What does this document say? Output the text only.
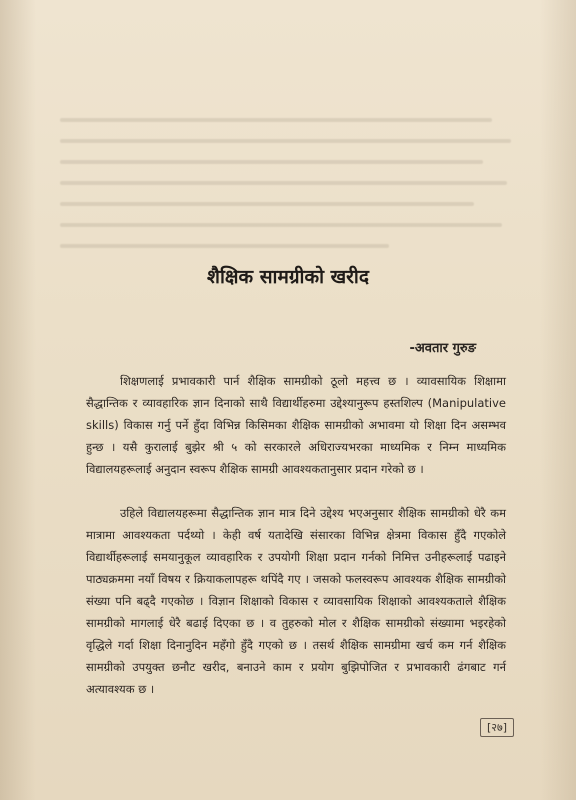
शैक्षिक सामग्रीको खरीद
-अवतार गुरुङ

शिक्षणलाई प्रभावकारी पार्न शैक्षिक सामग्रीको ठूलो महत्त्व छ । व्यावसायिक शिक्षामा सैद्धान्तिक र व्यावहारिक ज्ञान दिनाको साथै विद्यार्थीहरुमा उद्देश्यानुरूप हस्तशिल्प (Manipulative skills) विकास गर्नु पर्ने हुँदा विभिन्न किसिमका शैक्षिक सामग्रीको अभावमा यो शिक्षा दिन असम्भव हुन्छ । यसै कुरालाई बुझेर श्री ५ को सरकारले अधिराज्यभरका माध्यमिक र निम्न माध्यमिक विद्यालयहरूलाई अनुदान स्वरूप शैक्षिक सामग्री आवश्यकतानुसार प्रदान गरेको छ ।

उहिले विद्यालयहरूमा सैद्धान्तिक ज्ञान मात्र दिने उद्देश्य भएअनुसार शैक्षिक सामग्रीको धेरै कम मात्रामा आवश्यकता पर्दथ्यो । केही वर्ष यतादेखि संसारका विभिन्न क्षेत्रमा विकास हुँदै गएकोले विद्यार्थीहरूलाई समयानुकूल व्यावहारिक र उपयोगी शिक्षा प्रदान गर्नको निमित्त उनीहरूलाई पढाइने पाठ्यक्रममा नयाँ विषय र क्रियाकलापहरू थपिंदै गए । जसको फलस्वरूप आवश्यक शैक्षिक सामग्रीको संख्या पनि बढ्दै गएकोछ । विज्ञान शिक्षाको विकास र व्यावसायिक शिक्षाको आवश्यकताले शैक्षिक सामग्रीको मागलाई धेरै बढाई दिएका छ । व तुहरुको मोल र शैक्षिक सामग्रीको संख्यामा भइरहेको वृद्धिले गर्दा शिक्षा दिनानुदिन महँगो हुँदै गएको छ । तसर्थ शैक्षिक सामग्रीमा खर्च कम गर्न शैक्षिक सामग्रीको उपयुक्त छनौट खरीद, बनाउने काम र प्रयोग बुझिपोजित र प्रभावकारी ढंगबाट गर्न अत्यावश्यक छ ।

[२७]
